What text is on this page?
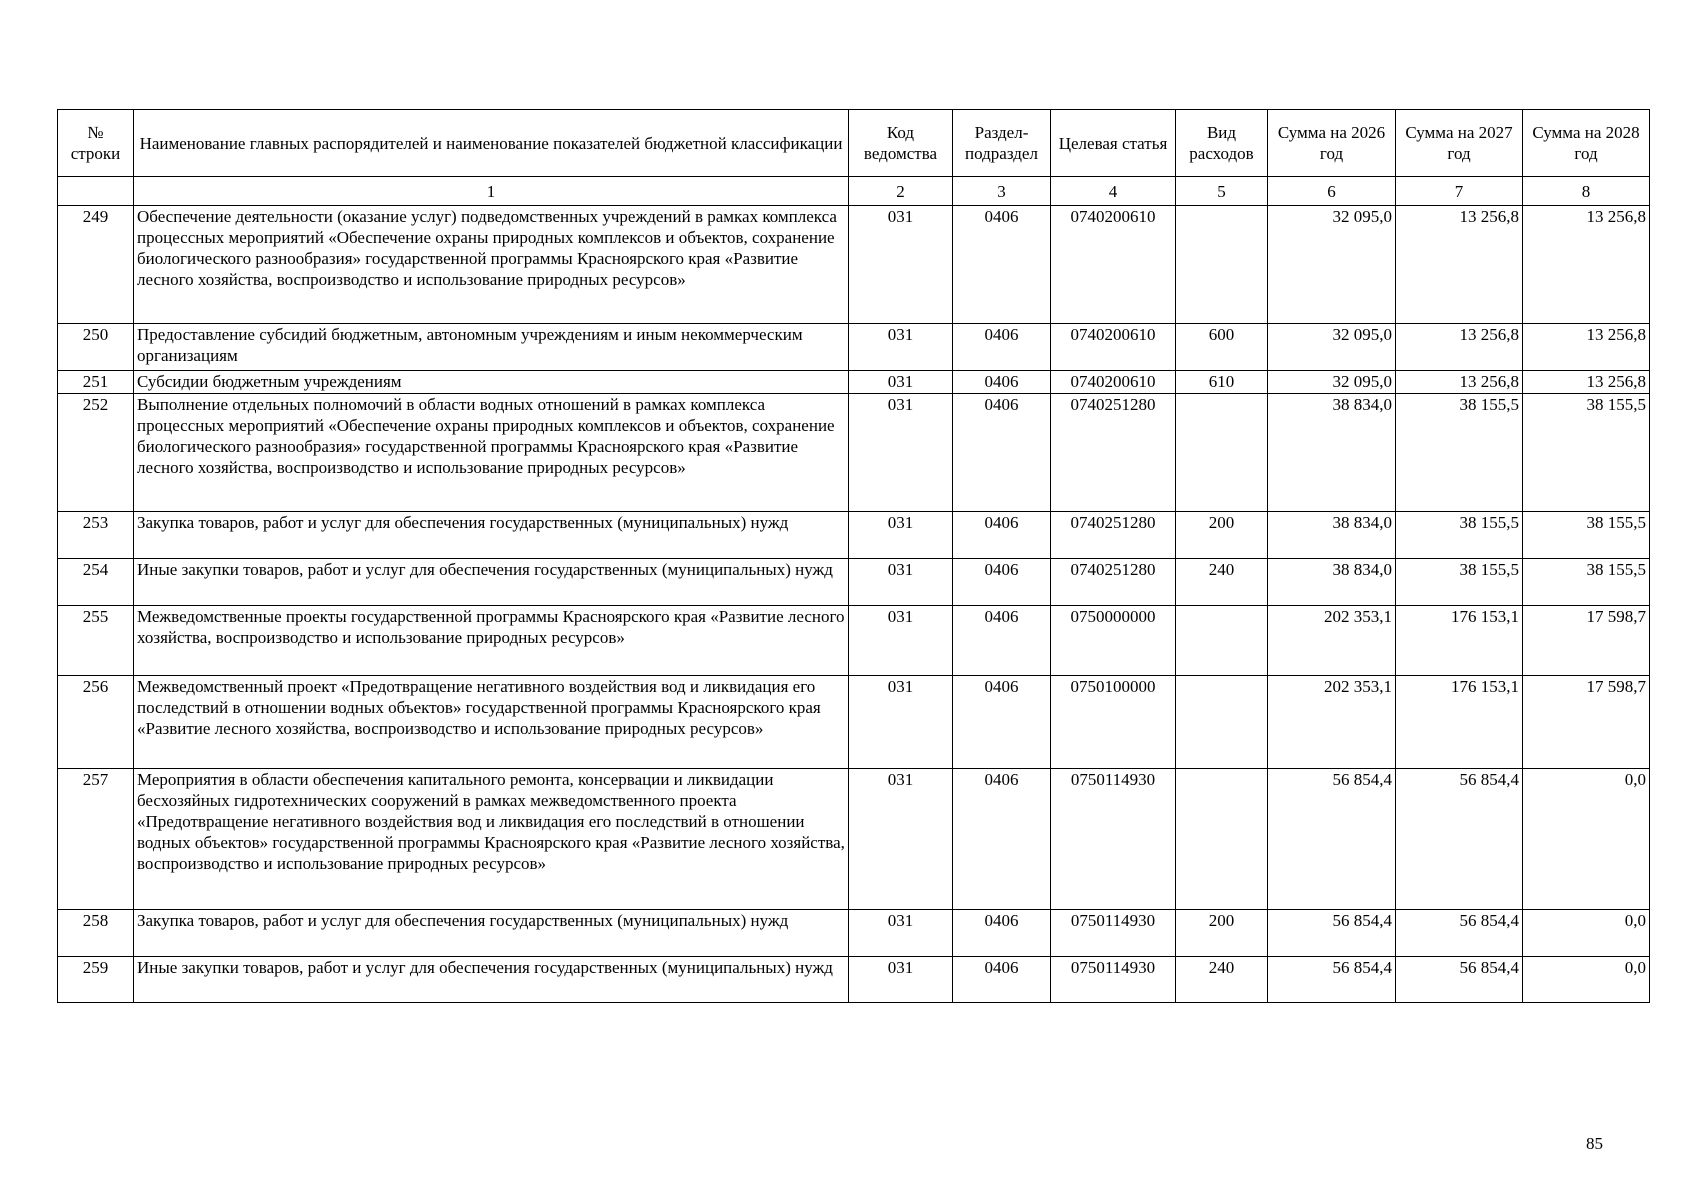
№ строки	Наименование главных распорядителей и наименование показателей бюджетной классификации	Код ведомства	Раздел-подраздел	Целевая статья	Вид расходов	Сумма на 2026 год	Сумма на 2027 год	Сумма на 2028 год
	1	2	3	4	5	6	7	8
249	Обеспечение деятельности (оказание услуг) подведомственных учреждений в рамках комплекса процессных мероприятий «Обеспечение охраны природных комплексов и объектов, сохранение биологического разнообразия» государственной программы Красноярского края «Развитие лесного хозяйства, воспроизводство и использование природных ресурсов»	031	0406	0740200610		32 095,0	13 256,8	13 256,8
250	Предоставление субсидий бюджетным, автономным учреждениям и иным некоммерческим организациям	031	0406	0740200610	600	32 095,0	13 256,8	13 256,8
251	Субсидии бюджетным учреждениям	031	0406	0740200610	610	32 095,0	13 256,8	13 256,8
252	Выполнение отдельных полномочий в области водных отношений в рамках комплекса процессных мероприятий «Обеспечение охраны природных комплексов и объектов, сохранение биологического разнообразия» государственной программы Красноярского края «Развитие лесного хозяйства, воспроизводство и использование природных ресурсов»	031	0406	0740251280		38 834,0	38 155,5	38 155,5
253	Закупка товаров, работ и услуг для обеспечения государственных (муниципальных) нужд	031	0406	0740251280	200	38 834,0	38 155,5	38 155,5
254	Иные закупки товаров, работ и услуг для обеспечения государственных (муниципальных) нужд	031	0406	0740251280	240	38 834,0	38 155,5	38 155,5
255	Межведомственные проекты государственной программы Красноярского края «Развитие лесного хозяйства, воспроизводство и использование природных ресурсов»	031	0406	0750000000		202 353,1	176 153,1	17 598,7
256	Межведомственный проект «Предотвращение негативного воздействия вод и ликвидация его последствий в отношении водных объектов» государственной программы Красноярского края «Развитие лесного хозяйства, воспроизводство и использование природных ресурсов»	031	0406	0750100000		202 353,1	176 153,1	17 598,7
257	Мероприятия в области обеспечения капитального ремонта, консервации и ликвидации бесхозяйных гидротехнических сооружений в рамках межведомственного проекта «Предотвращение негативного воздействия вод и ликвидация его последствий в отношении водных объектов» государственной программы Красноярского края «Развитие лесного хозяйства, воспроизводство и использование природных ресурсов»	031	0406	0750114930		56 854,4	56 854,4	0,0
258	Закупка товаров, работ и услуг для обеспечения государственных (муниципальных) нужд	031	0406	0750114930	200	56 854,4	56 854,4	0,0
259	Иные закупки товаров, работ и услуг для обеспечения государственных (муниципальных) нужд	031	0406	0750114930	240	56 854,4	56 854,4	0,0
85
